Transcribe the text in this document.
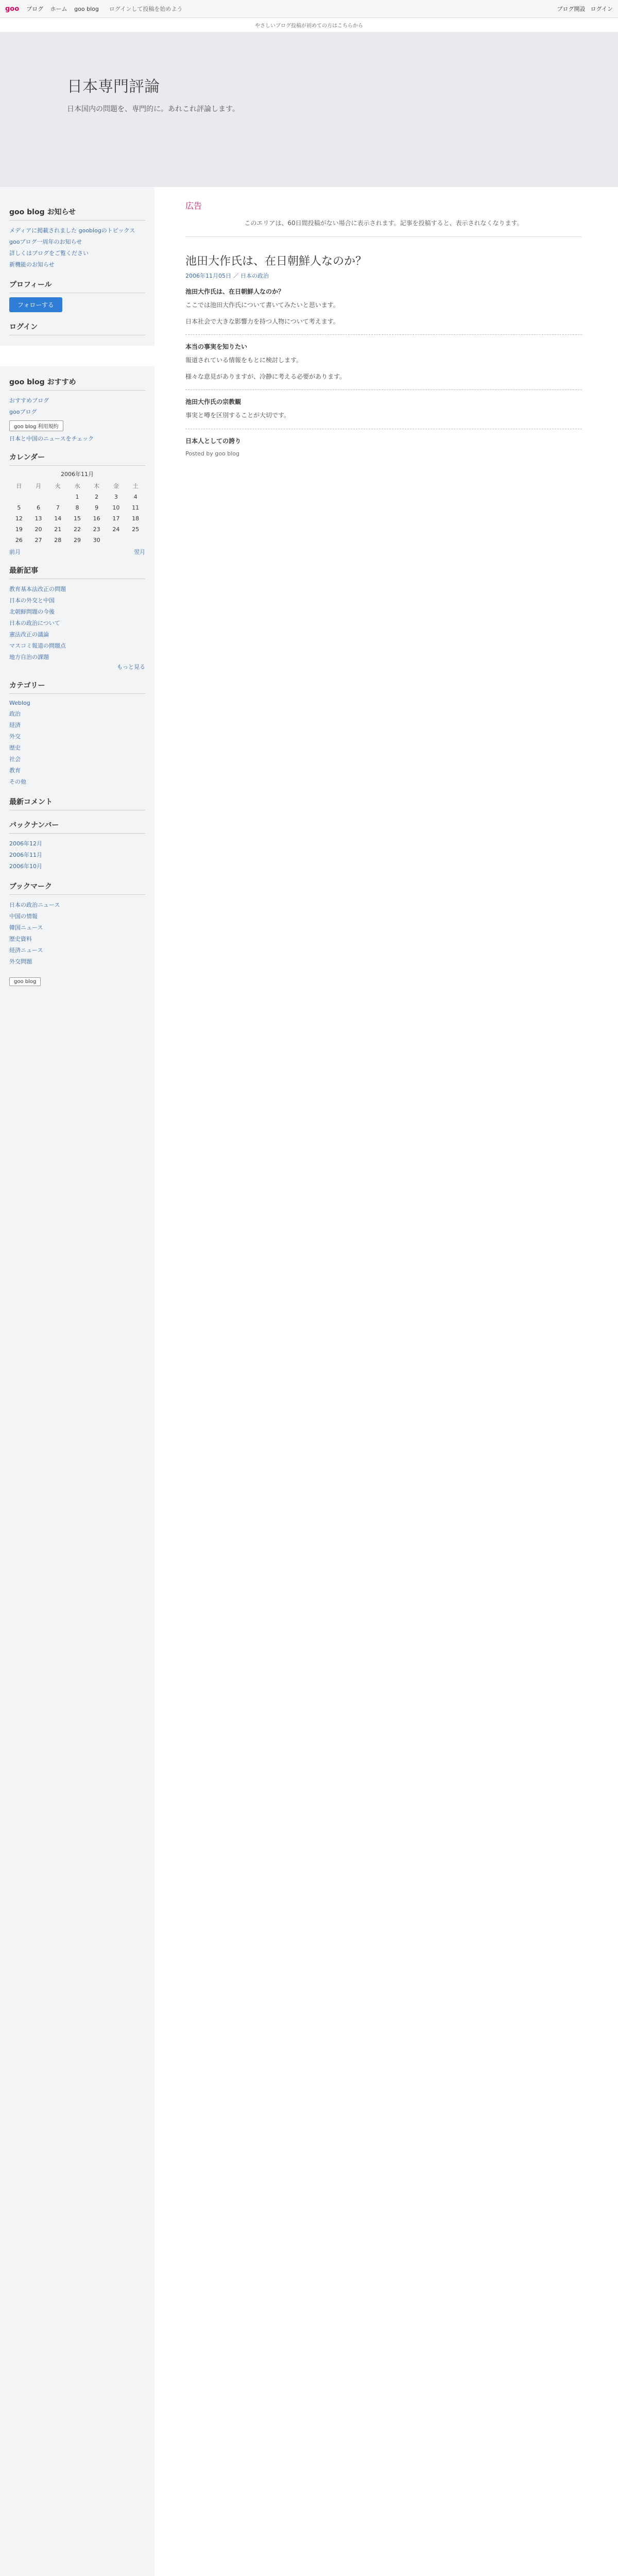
goo ブログ ホーム goo blog	ログインして投稿を始めよう	ブログ開設 ログイン
やさしいブログ投稿が初めての方はこちらから
日本専門評論

日本国内の問題を、専門的に。あれこれ評論します。

goo blog お知らせ
メディアに掲載されました gooblogのトピックス
gooブログ一周年のお知らせ
詳しくはブログをご覧ください
新機能のお知らせ
プロフィール
フォローする
ログイン
goo blog おすすめ
おすすめブログ
gooブログ
goo blog 利用規約
日本と中国のニュースをチェック
カレンダー
2006年11月
日	月	火	水	木	金	土
			1	2	3	4
5	6	7	8	9	10	11
12	13	14	15	16	17	18
19	20	21	22	23	24	25
26	27	28	29	30		
前月	翌月
最新記事
教育基本法改正の問題
日本の外交と中国
北朝鮮問題の今後
日本の政治について
憲法改正の議論
マスコミ報道の問題点
地方自治の課題
もっと見る
カテゴリー
Weblog
政治
経済
外交
歴史
社会
教育
その他
最新コメント
バックナンバー
2006年12月
2006年11月
2006年10月
ブックマーク
日本の政治ニュース
中国の情報
韓国ニュース
歴史資料
経済ニュース
外交問題
goo blog
広告
このエリアは、60日間投稿がない場合に表示されます。記事を投稿すると、表示されなくなります。
池田大作氏は、在日朝鮮人なのか？
2006年11月05日 ／ 日本の政治
池田大作氏は、在日朝鮮人なのか？

ここでは池田大作氏について書いてみたいと思います。

日本社会で大きな影響力を持つ人物について考えます。

本当の事実を知りたい

報道されている情報をもとに検討します。

様々な意見がありますが、冷静に考える必要があります。

池田大作氏の宗教観

事実と噂を区別することが大切です。

日本人としての誇り
Posted by goo blog
